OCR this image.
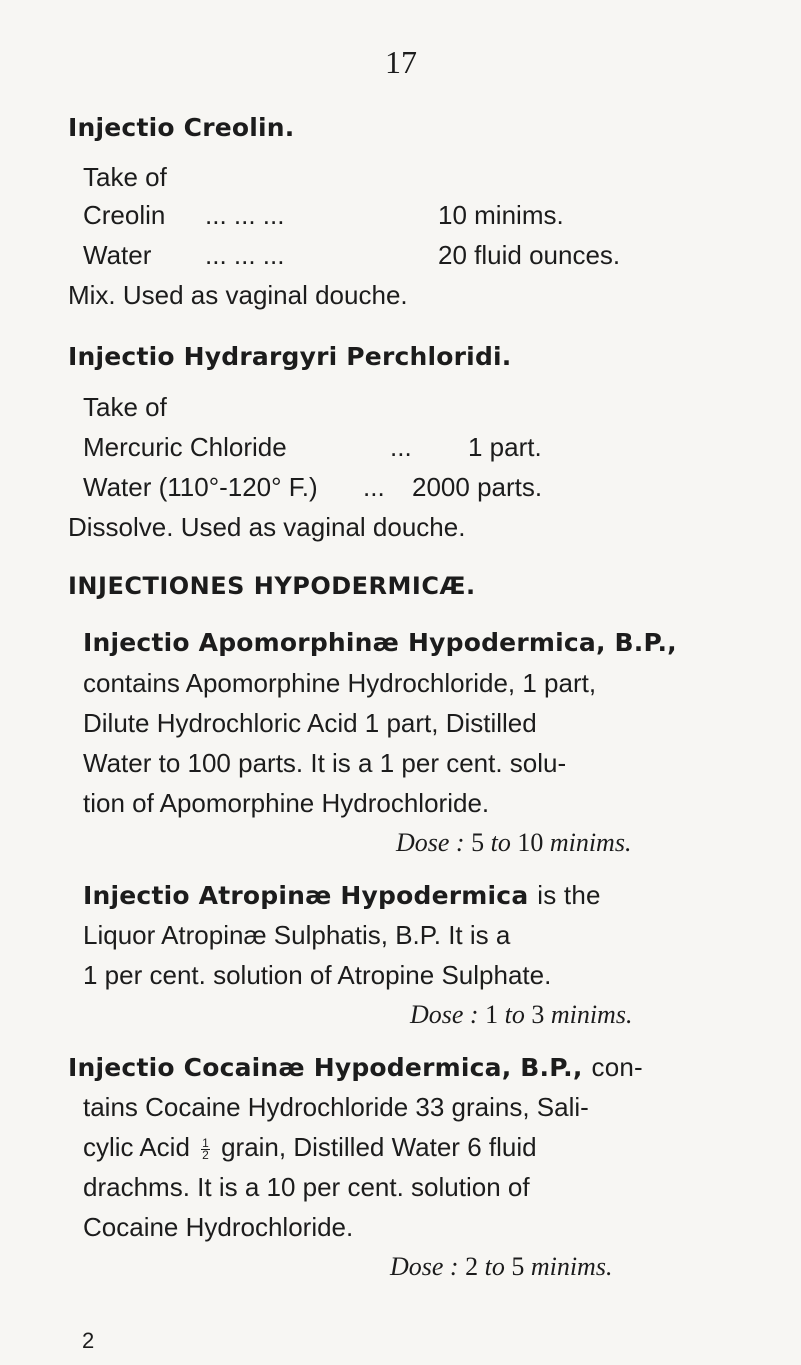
17
Injectio Creolin.
Take of
Creolin ... ... ...	10 minims.
Water ... ... ...	20 fluid ounces.
Mix. Used as vaginal douche.
Injectio Hydrargyri Perchloridi.
Take of
Mercuric Chloride	... 1 part.
Water (110°-120° F.) ... 2000 parts.
Dissolve. Used as vaginal douche.
INJECTIONES HYPODERMICÆ.
Injectio Apomorphinæ Hypodermica, B.P.,
contains Apomorphine Hydrochloride, 1 part,
Dilute Hydrochloric Acid 1 part, Distilled
Water to 100 parts. It is a 1 per cent. solu-
tion of Apomorphine Hydrochloride.
Dose : 5 to 10 minims.
Injectio Atropinæ Hypodermica is the
Liquor Atropinæ Sulphatis, B.P. It is a
1 per cent. solution of Atropine Sulphate.
Dose : 1 to 3 minims.
Injectio Cocainæ Hypodermica, B.P., con-
tains Cocaine Hydrochloride 33 grains, Sali-
cylic Acid $\frac{1}{2}$ grain, Distilled Water 6 fluid
drachms. It is a 10 per cent. solution of
Cocaine Hydrochloride.
Dose : 2 to 5 minims.
2
